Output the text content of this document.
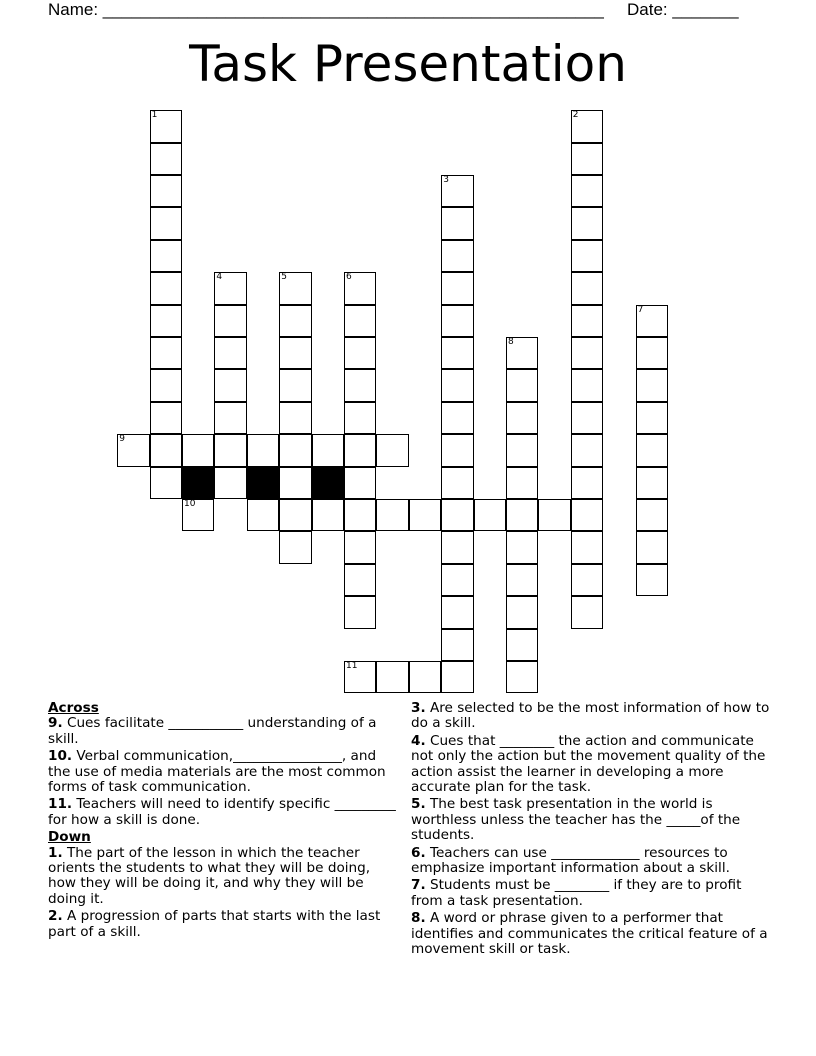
Name: _____________________________________________________ Date: _______
Task Presentation
1	2
3
4	5	6
7
8
9
10
11

Across

9. Cues facilitate ___________ understanding of a skill.

10. Verbal communication,________________, and the use of media materials are the most common forms of task communication.

11. Teachers will need to identify specific _________ for how a skill is done.

Down

1. The part of the lesson in which the teacher orients the students to what they will be doing, how they will be doing it, and why they will be doing it.

2. A progression of parts that starts with the last part of a skill.

3. Are selected to be the most information of how to do a skill.

4. Cues that ________ the action and communicate not only the action but the movement quality of the action assist the learner in developing a more accurate plan for the task.

5. The best task presentation in the world is worthless unless the teacher has the _____of the students.

6. Teachers can use _____________ resources to emphasize important information about a skill.

7. Students must be ________ if they are to profit from a task presentation.

8. A word or phrase given to a performer that identifies and communicates the critical feature of a movement skill or task.
